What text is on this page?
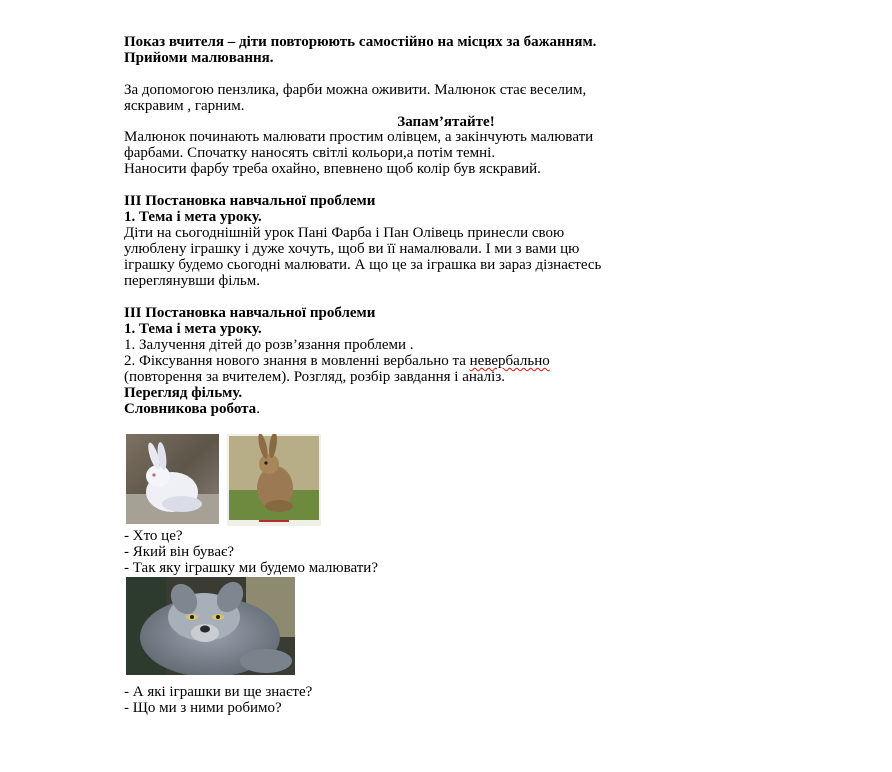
Показ вчителя – діти повторюють самостійно на місцях за бажанням.
Прийоми малювання.
За допомогою пензлика, фарби можна оживити. Малюнок стає веселим,
яскравим , гарним.
Запам’ятайте!
Малюнок починають малювати простим олівцем, а закінчують малювати
фарбами. Спочатку наносять світлі кольори,а потім темні.
Наносити фарбу треба охайно, впевнено щоб колір був яскравий.
ІІІ Постановка навчальної проблеми
1. Тема і мета уроку.
Діти на сьогоднішній урок Пані Фарба і Пан Олівець принесли свою
улюблену іграшку і дуже хочуть, щоб ви її намалювали. І ми з вами цю
іграшку будемо сьогодні малювати. А що це за іграшка ви зараз дізнаєтесь
переглянувши фільм.
ІІІ Постановка навчальної проблеми
1. Тема і мета уроку.
1. Залучення дітей до розв’язання проблеми .
2. Фіксування нового знання в мовленні вербально та невербально
(повторення за вчителем). Розгляд, розбір завдання і аналіз.
Перегляд фільму.
Словникова робота.
- Хто це?
- Який він буває?
- Так яку іграшку ми будемо малювати?
- А які іграшки ви ще знаєте?
- Що ми з ними робимо?
